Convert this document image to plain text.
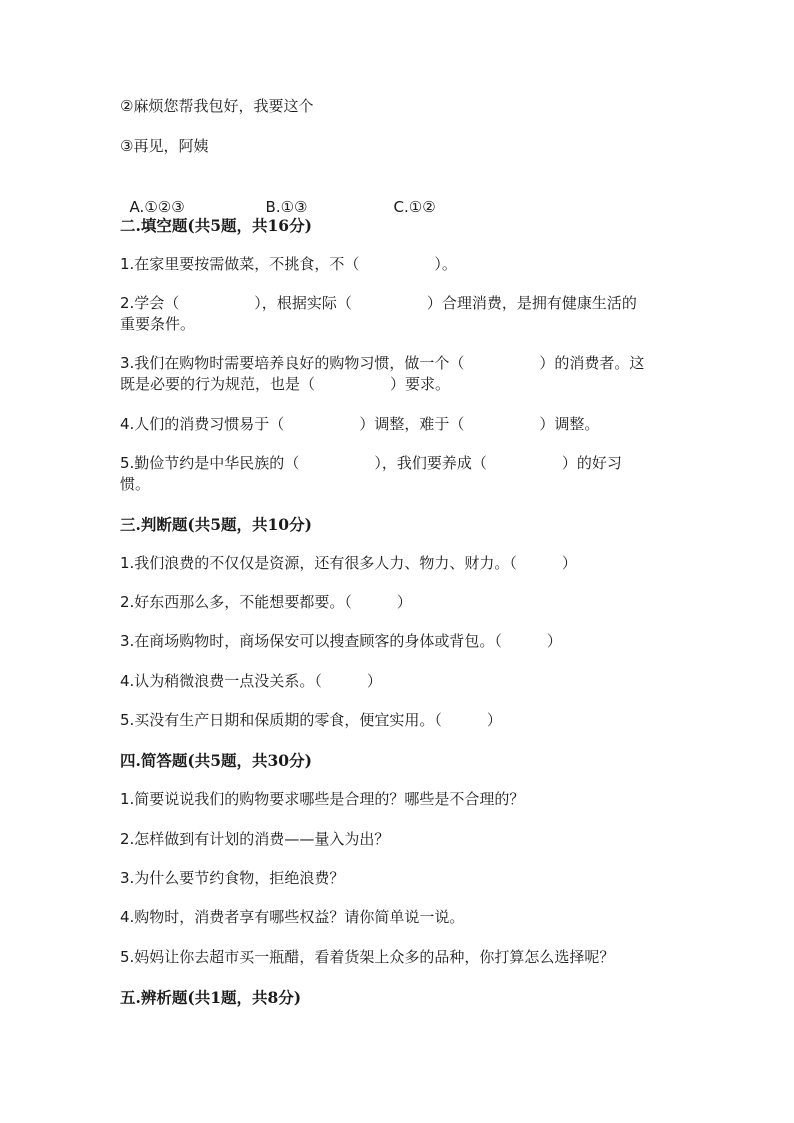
②麻烦您帮我包好，我要这个
③再见，阿姨

A.①②③	B.①③	C.①②

二.填空题(共5题，共16分)
1.在家里要按需做菜，不挑食，不（　　　　　）。
2.学会（　　　　　），根据实际（　　　　　）合理消费，是拥有健康生活的
重要条件。
3.我们在购物时需要培养良好的购物习惯，做一个（　　　　　）的消费者。这
既是必要的行为规范，也是（　　　　　）要求。
4.人们的消费习惯易于（　　　　　）调整，难于（　　　　　）调整。
5.勤俭节约是中华民族的（　　　　　），我们要养成（　　　　　）的好习
惯。
三.判断题(共5题，共10分)
1.我们浪费的不仅仅是资源，还有很多人力、物力、财力。（　　　）
2.好东西那么多，不能想要都要。（　　　）
3.在商场购物时，商场保安可以搜查顾客的身体或背包。（　　　）
4.认为稍微浪费一点没关系。（　　　）
5.买没有生产日期和保质期的零食，便宜实用。（　　　）
四.简答题(共5题，共30分)
1.简要说说我们的购物要求哪些是合理的？哪些是不合理的？
2.怎样做到有计划的消费——量入为出？
3.为什么要节约食物，拒绝浪费？
4.购物时，消费者享有哪些权益？请你简单说一说。
5.妈妈让你去超市买一瓶醋，看着货架上众多的品种，你打算怎么选择呢？
五.辨析题(共1题，共8分)
